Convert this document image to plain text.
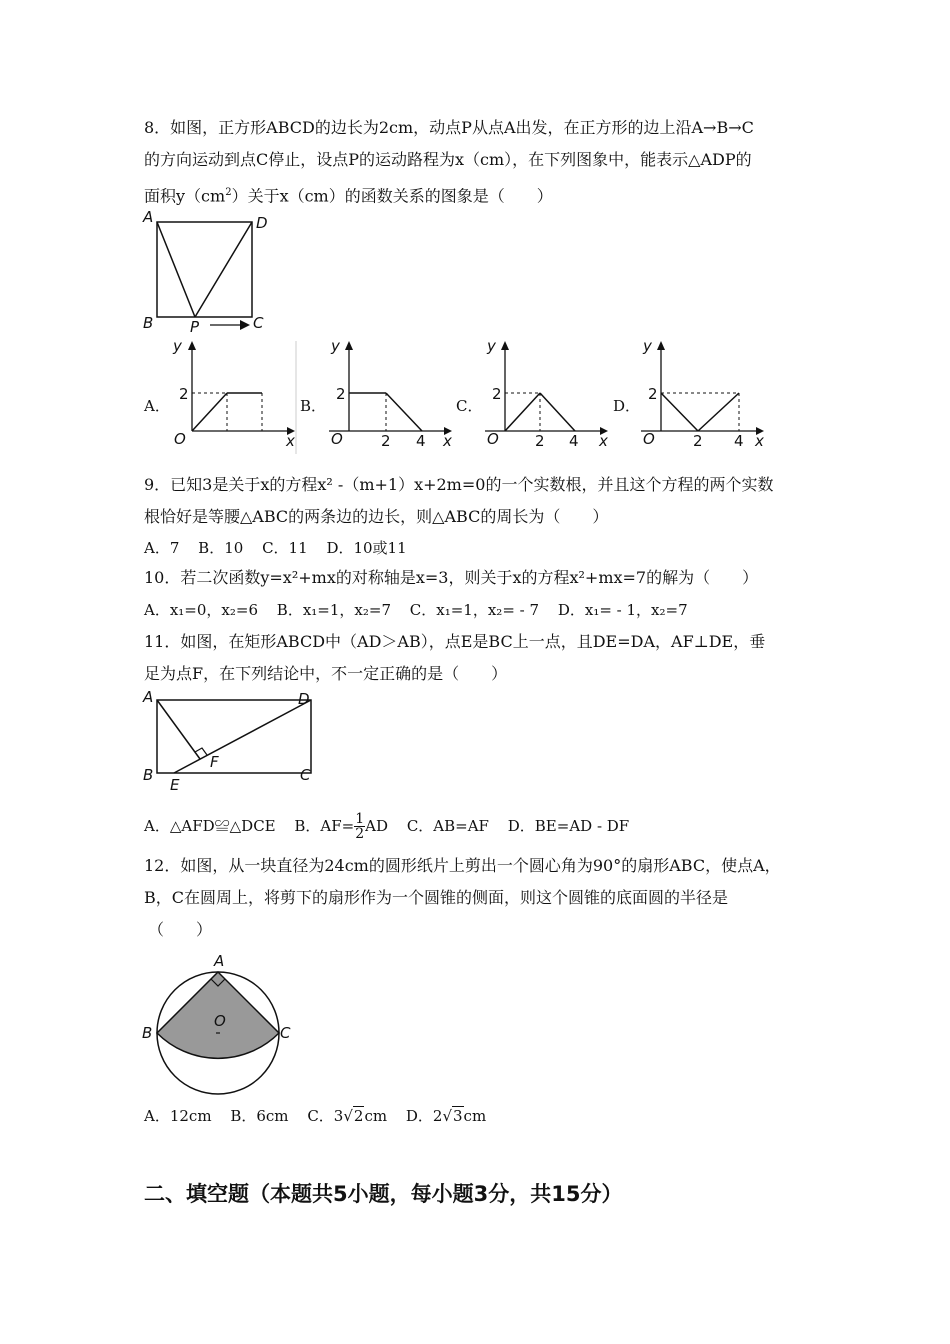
8．如图，正方形ABCD的边长为2cm，动点P从点A出发，在正方形的边上沿A→B→C
的方向运动到点C停止，设点P的运动路程为x（cm），在下列图象中，能表示△ADP的
面积$y(cm^2)$关于x（cm）的函数关系的图象是（　　）
A	D
B P	C
A．
y
2
O	x
B．
y
2
O	2 4 x
C．
y
2
O 2 4 x
D．
y
2
O	2 4 x
9．已知3是关于x的方程x² -（m+1）x+2m=0的一个实数根，并且这个方程的两个实数
根恰好是等腰△ABC的两条边的边长，则△ABC的周长为（　　）
A．7 B．10 C．11 D．10或11
10．若二次函数y=x²+mx的对称轴是x=3，则关于x的方程x²+mx=7的解为（　　）
A．x₁=0，x₂=6 B．x₁=1，x₂=7 C．x₁=1，x₂= - 7 D．x₁= - 1，x₂=7
11．如图，在矩形ABCD中（AD＞AB），点E是BC上一点，且DE=DA，AF⊥DE，垂
足为点F，在下列结论中，不一定正确的是（　　）
A	D
B
F
E
C
A．△AFD≌△DCE B．$AF= \frac{1}{2}$ AD C．AB=AF D．BE=AD - DF
12．如图，从一块直径为24cm的圆形纸片上剪出一个圆心角为90°的扇形ABC，使点A，
B，C在圆周上，将剪下的扇形作为一个圆锥的侧面，则这个圆锥的底面圆的半径是
（　　）
A
B
O
C
A．12cm B．6cm C．3√2cm D．2√3cm
二、填空题（本题共5小题，每小题3分，共15分）
